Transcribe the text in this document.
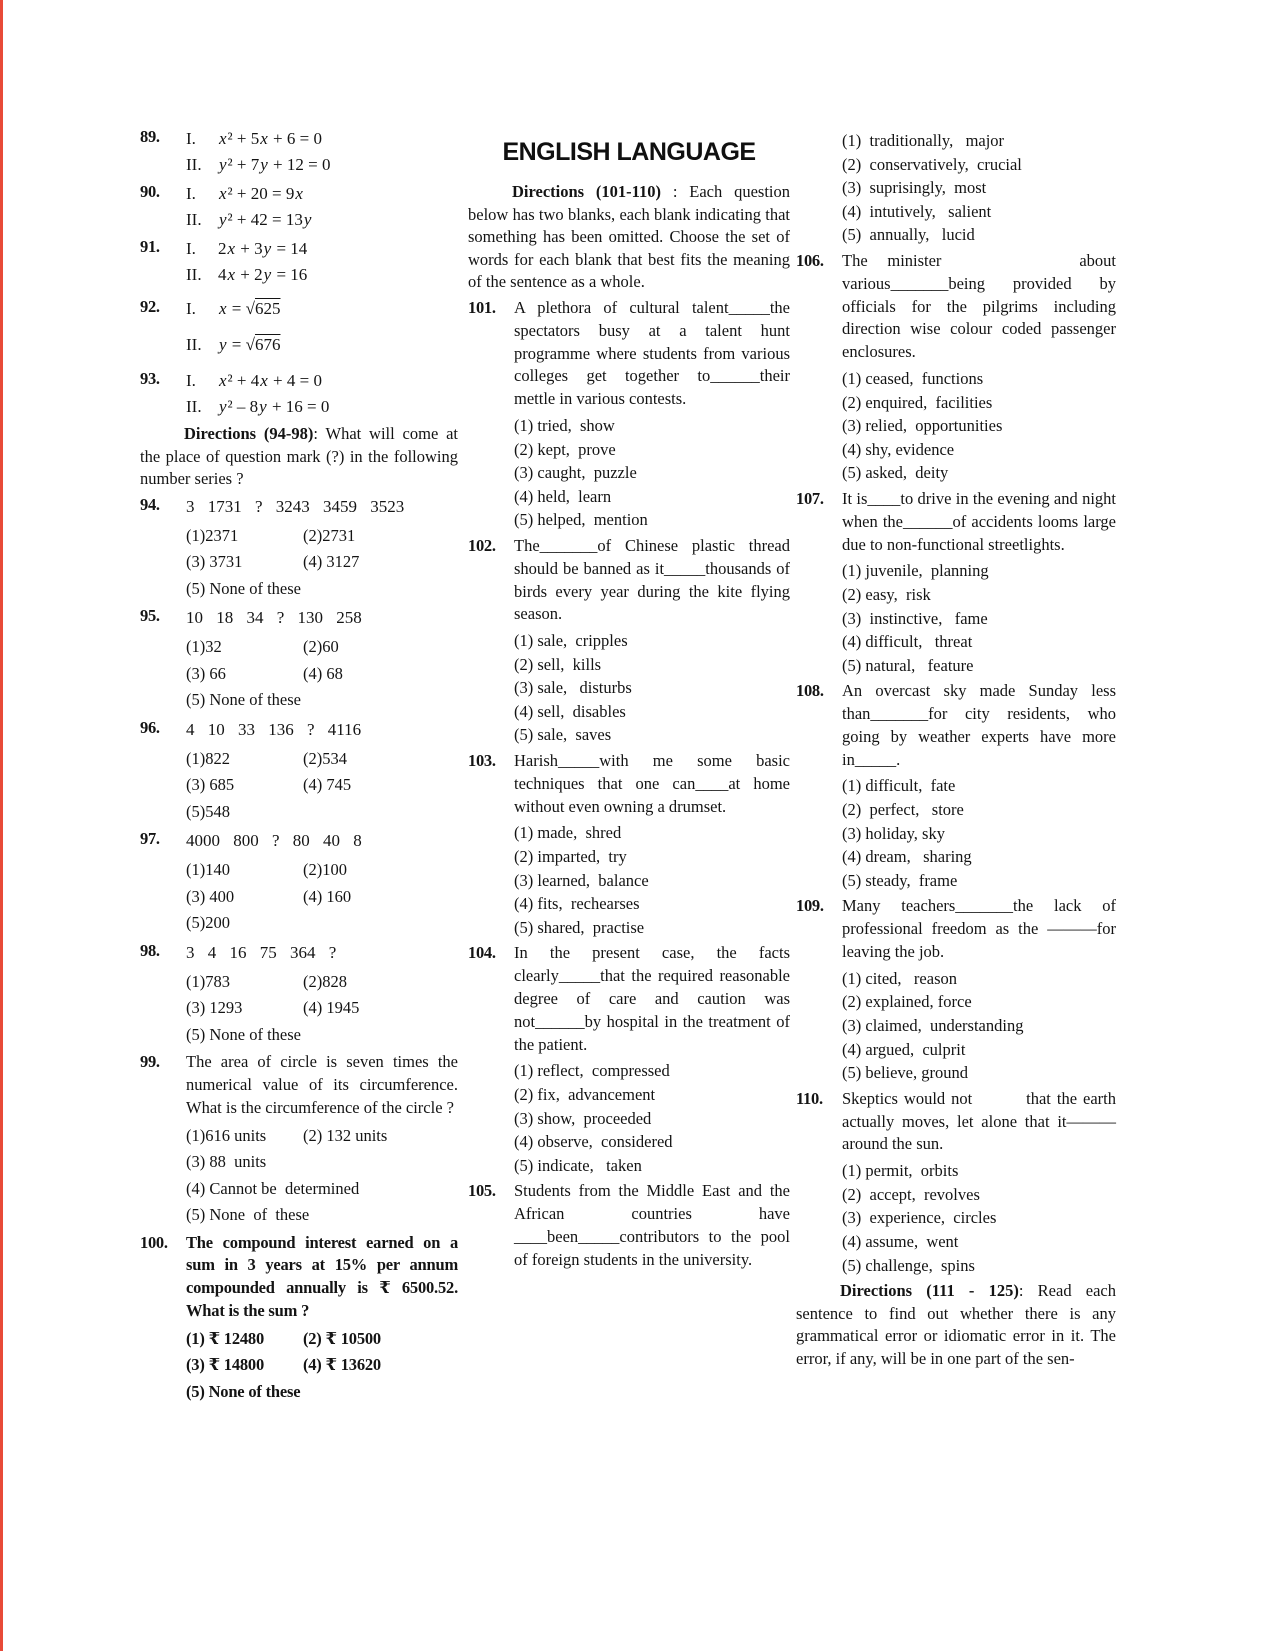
89. I.	x² + 5x + 6 = 0
II.	y² + 7y + 12 = 0
90. I.	x² + 20 = 9x
II.	y² + 42 = 13y
91. I.	2x + 3y = 14
II. 4x + 2y = 16
92. I.	x = √625
II.	y = √676
93. I.	x² + 4x + 4 = 0
II.	y² – 8y + 16 = 0

Directions (94-98): What will come at the place of question mark (?) in the following number series ?

94. 3 1731 ? 3243 3459 3523

(1)2371	(2)2731
(3) 3731	(4) 3127
(5) None of these
95. 10 18 34 ? 130 258

(1)32	(2)60
(3) 66	(4) 68
(5) None of these
96. 4 10 33 136 ? 4116

(1)822	(2)534
(3) 685	(4) 745
(5)548
97. 4000 800 ? 80 40 8

(1)140	(2)100
(3) 400	(4) 160
(5)200
98. 3 4 16 75 364 ?

(1)783	(2)828
(3) 1293	(4) 1945
(5) None of these
99. The area of circle is seven times the numerical value of its circumference. What is the circumference of the circle ?

(1)616 units	(2) 132 units
(3) 88  units
(4) Cannot be  determined
(5) None  of  these
100. The compound interest earned on a sum in 3 years at 15% per annum compounded annually is ₹ 6500.52. What is the sum ?

(1) ₹ 12480	(2) ₹ 10500
(3) ₹ 14800	(4) ₹ 13620
(5) None of these
ENGLISH LANGUAGE

Directions (101-110) : Each question below has two blanks, each blank indicating that something has been omitted. Choose the set of words for each blank that best fits the meaning of the sentence as a whole.

101. A plethora of cultural talent_____the spectators busy at a talent hunt programme where students from various colleges get together to______their mettle in various contests.

(1) tried,  show
(2) kept,  prove
(3) caught,  puzzle
(4) held,  learn
(5) helped,  mention
102. The_______of Chinese plastic thread should be banned as it_____thousands of birds every year during the kite flying season.

(1) sale,  cripples
(2) sell,  kills
(3) sale,   disturbs
(4) sell,  disables
(5) sale,  saves
103. Harish_____with me some basic techniques that one can____at home without even owning a drumset.

(1) made,  shred
(2) imparted,  try
(3) learned,  balance
(4) fits,  rechearses
(5) shared,  practise
104. In the present case, the facts clearly_____that the required reasonable degree of care and caution was not______by hospital in the treatment of the patient.

(1) reflect,  compressed
(2) fix,  advancement
(3) show,  proceeded
(4) observe,  considered
(5) indicate,   taken
105. Students from the Middle East and the African countries have ____been_____contributors to the pool of foreign students in the university.

(1)  traditionally,   major
(2)  conservatively,  crucial
(3)  suprisingly,  most
(4)  intutively,   salient
(5)  annually,   lucid
106. The minister       about various_______being provided by officials for the pilgrims including direction wise colour coded passenger enclosures.

(1) ceased,  functions
(2) enquired,  facilities
(3) relied,  opportunities
(4) shy, evidence
(5) asked,  deity
107. It is____to drive in the evening and night when the______of accidents looms large due to non-functional streetlights.

(1) juvenile,  planning
(2) easy,  risk
(3)  instinctive,   fame
(4) difficult,   threat
(5) natural,   feature
108. An overcast sky made Sunday less than_______for city residents, who going by weather experts have more in_____.

(1) difficult,  fate
(2)  perfect,   store
(3) holiday, sky
(4) dream,   sharing
(5) steady,  frame
109. Many teachers_______the lack of professional freedom as the ———for leaving the job.

(1) cited,   reason
(2) explained, force
(3) claimed,  understanding
(4) argued,  culprit
(5) believe, ground
110. Skeptics would not         that the earth actually moves, let alone that it———around the sun.

(1) permit,  orbits
(2)  accept,  revolves
(3)  experience,  circles
(4) assume,  went
(5) challenge,  spins

Directions (111 - 125): Read each sentence to find out whether there is any grammatical error or idiomatic error in it. The error, if any, will be in one part of the sen-
